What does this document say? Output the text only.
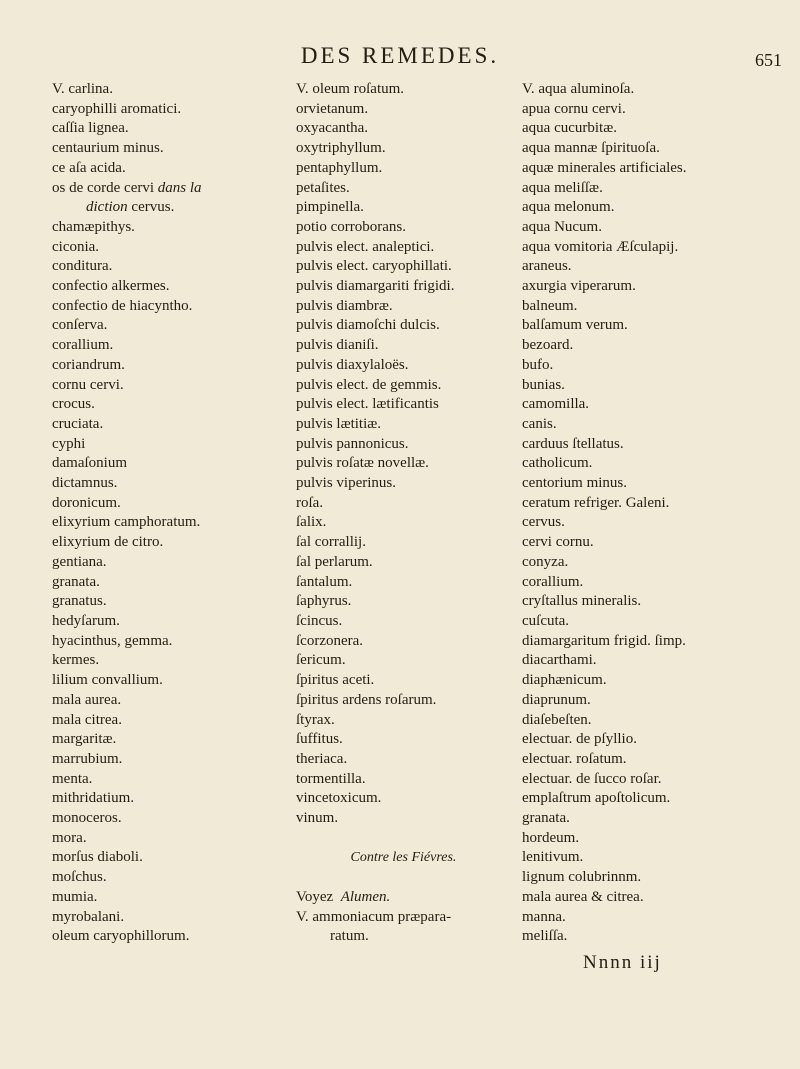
DES REMEDES.	651
V. carlina.
caryophilli aromatici.
caſſia lignea.
centaurium minus.
ce aſa acida.
os de corde cervi dans la
diction cervus.
chamæpithys.
ciconia.
conditura.
confectio alkermes.
confectio de hiacyntho.
conſerva.
corallium.
coriandrum.
cornu cervi.
crocus.
cruciata.
cyphi
damaſonium
dictamnus.
doronicum.
elixyrium camphoratum.
elixyrium de citro.
gentiana.
granata.
granatus.
hedyſarum.
hyacinthus, gemma.
kermes.
lilium convallium.
mala aurea.
mala citrea.
margaritæ.
marrubium.
menta.
mithridatium.
monoceros.
mora.
morſus diaboli.
moſchus.
mumia.
myrobalani.
oleum caryophillorum.
V. oleum roſatum.
orvietanum.
oxyacantha.
oxytriphyllum.
pentaphyllum.
petaſites.
pimpinella.
potio corroborans.
pulvis elect. analeptici.
pulvis elect. caryophillati.
pulvis diamargariti frigidi.
pulvis diambræ.
pulvis diamoſchi dulcis.
pulvis dianiſi.
pulvis diaxylaloës.
pulvis elect. de gemmis.
pulvis elect. lætificantis
pulvis lætitiæ.
pulvis pannonicus.
pulvis roſatæ novellæ.
pulvis viperinus.
roſa.
ſalix.
ſal corrallij.
ſal perlarum.
ſantalum.
ſaphyrus.
ſcincus.
ſcorzonera.
ſericum.
ſpiritus aceti.
ſpiritus ardens roſarum.
ſtyrax.
ſuffitus.
theriaca.
tormentilla.
vincetoxicum.
vinum.
Contre les Fiévres.
Voyez Alumen.
V. ammoniacum præpara-
ratum.
V. aqua aluminoſa.
apua cornu cervi.
aqua cucurbitæ.
aqua mannæ ſpirituoſa.
aquæ minerales artificiales.
aqua meliſſæ.
aqua melonum.
aqua Nucum.
aqua vomitoria Æſculapij.
araneus.
axurgia viperarum.
balneum.
balſamum verum.
bezoard.
bufo.
bunias.
camomilla.
canis.
carduus ſtellatus.
catholicum.
centorium minus.
ceratum refriger. Galeni.
cervus.
cervi cornu.
conyza.
corallium.
cryſtallus mineralis.
cuſcuta.
diamargaritum frigid. ſimp.
diacarthami.
diaphænicum.
diaprunum.
diaſebeſten.
electuar. de pſyllio.
electuar. roſatum.
electuar. de ſucco roſar.
emplaſtrum apoſtolicum.
granata.
hordeum.
lenitivum.
lignum colubrinnm.
mala aurea & citrea.
manna.
meliſſa.
Nnnn iij
